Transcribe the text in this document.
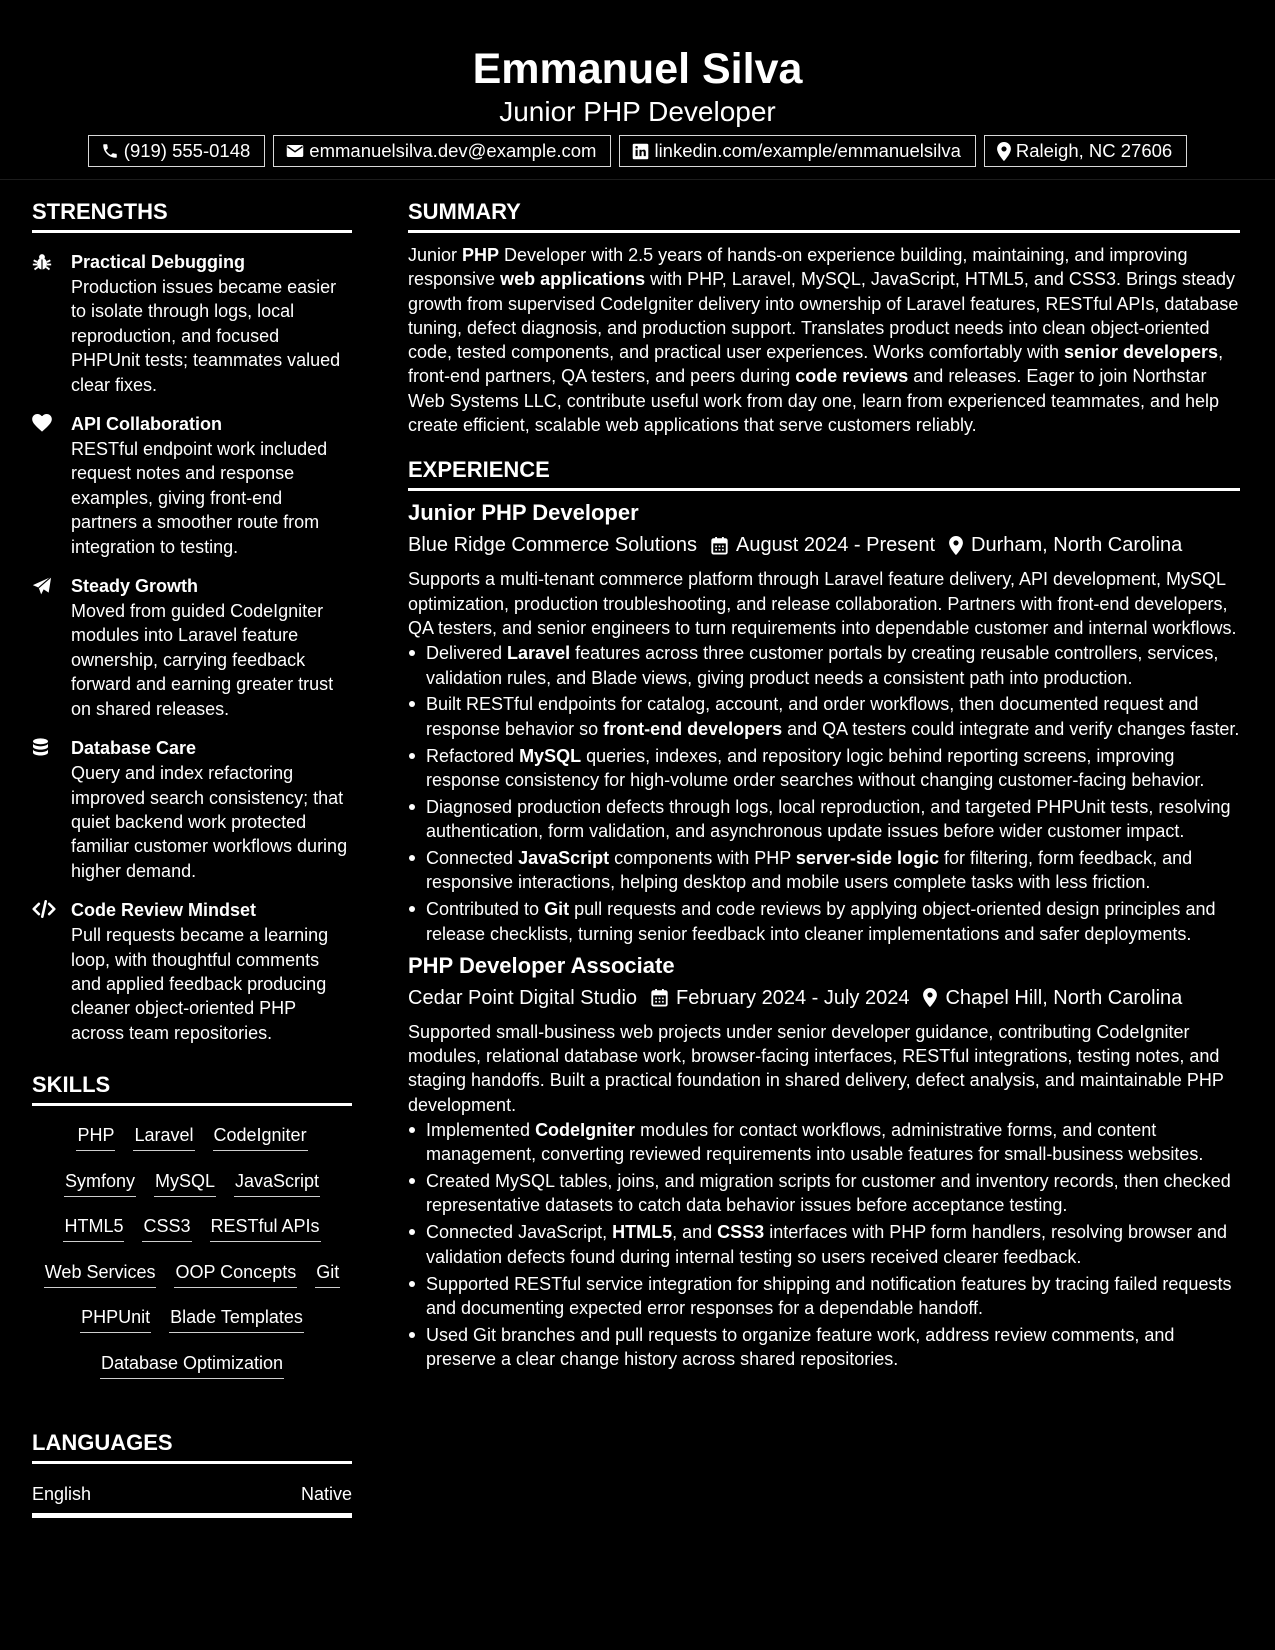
Emmanuel Silva
Junior PHP Developer
(919) 555-0148	emmanuelsilva.dev@example.com	linkedin.com/example/emmanuelsilva	Raleigh, NC 27606
STRENGTHS
Practical Debugging
Production issues became easier to isolate through logs, local reproduction, and focused PHPUnit tests; teammates valued clear fixes.
API Collaboration
RESTful endpoint work included request notes and response examples, giving front-end partners a smoother route from integration to testing.
Steady Growth
Moved from guided CodeIgniter modules into Laravel feature ownership, carrying feedback forward and earning greater trust on shared releases.
Database Care
Query and index refactoring improved search consistency; that quiet backend work protected familiar customer workflows during higher demand.
Code Review Mindset
Pull requests became a learning loop, with thoughtful comments and applied feedback producing cleaner object-oriented PHP across team repositories.
SKILLS
PHP Laravel CodeIgniter
Symfony MySQL JavaScript
HTML5 CSS3 RESTful APIs
Web Services OOP Concepts Git
PHPUnit Blade Templates
Database Optimization
LANGUAGES
English	Native
SUMMARY
Junior PHP Developer with 2.5 years of hands-on experience building, maintaining, and improving responsive web applications with PHP, Laravel, MySQL, JavaScript, HTML5, and CSS3. Brings steady growth from supervised CodeIgniter delivery into ownership of Laravel features, RESTful APIs, database tuning, defect diagnosis, and production support. Translates product needs into clean object-oriented code, tested components, and practical user experiences. Works comfortably with senior developers, front-end partners, QA testers, and peers during code reviews and releases. Eager to join Northstar Web Systems LLC, contribute useful work from day one, learn from experienced teammates, and help create efficient, scalable web applications that serve customers reliably.
EXPERIENCE
Junior PHP Developer
Blue Ridge Commerce Solutions August 2024 - Present Durham, North Carolina
Supports a multi-tenant commerce platform through Laravel feature delivery, API development, MySQL optimization, production troubleshooting, and release collaboration. Partners with front-end developers, QA testers, and senior engineers to turn requirements into dependable customer and internal workflows.
Delivered Laravel features across three customer portals by creating reusable controllers, services, validation rules, and Blade views, giving product needs a consistent path into production.
Built RESTful endpoints for catalog, account, and order workflows, then documented request and response behavior so front-end developers and QA testers could integrate and verify changes faster.
Refactored MySQL queries, indexes, and repository logic behind reporting screens, improving response consistency for high-volume order searches without changing customer-facing behavior.
Diagnosed production defects through logs, local reproduction, and targeted PHPUnit tests, resolving authentication, form validation, and asynchronous update issues before wider customer impact.
Connected JavaScript components with PHP server-side logic for filtering, form feedback, and responsive interactions, helping desktop and mobile users complete tasks with less friction.
Contributed to Git pull requests and code reviews by applying object-oriented design principles and release checklists, turning senior feedback into cleaner implementations and safer deployments.
PHP Developer Associate
Cedar Point Digital Studio February 2024 - July 2024 Chapel Hill, North Carolina
Supported small-business web projects under senior developer guidance, contributing CodeIgniter modules, relational database work, browser-facing interfaces, RESTful integrations, testing notes, and staging handoffs. Built a practical foundation in shared delivery, defect analysis, and maintainable PHP development.
Implemented CodeIgniter modules for contact workflows, administrative forms, and content management, converting reviewed requirements into usable features for small-business websites.
Created MySQL tables, joins, and migration scripts for customer and inventory records, then checked representative datasets to catch data behavior issues before acceptance testing.
Connected JavaScript, HTML5, and CSS3 interfaces with PHP form handlers, resolving browser and validation defects found during internal testing so users received clearer feedback.
Supported RESTful service integration for shipping and notification features by tracing failed requests and documenting expected error responses for a dependable handoff.
Used Git branches and pull requests to organize feature work, address review comments, and preserve a clear change history across shared repositories.
